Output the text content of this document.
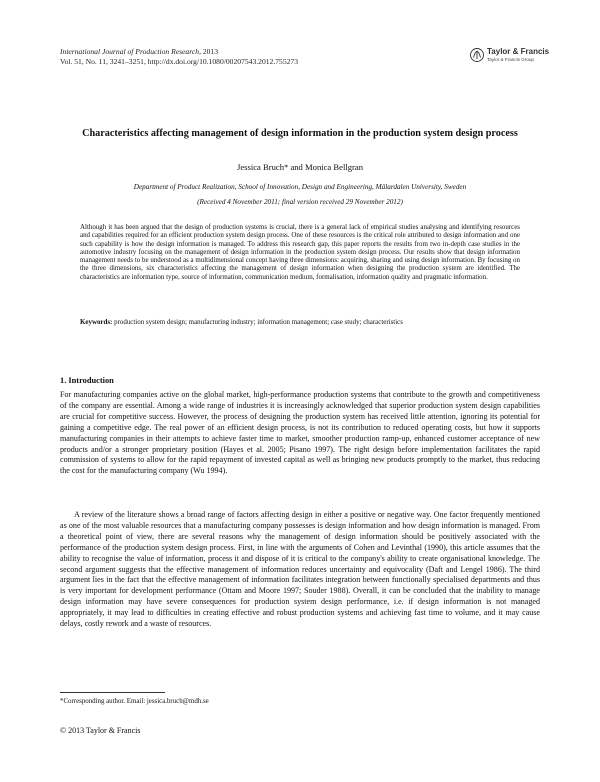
International Journal of Production Research, 2013
Vol. 51, No. 11, 3241–3251, http://dx.doi.org/10.1080/00207543.2012.755273
Taylor & Francis
Taylor & Francis Group
Characteristics affecting management of design information in the production system design process
Jessica Bruch* and Monica Bellgran
Department of Product Realization, School of Innovation, Design and Engineering, Mälardalen University, Sweden
(Received 4 November 2011; final version received 29 November 2012)
Although it has been argued that the design of production systems is crucial, there is a general lack of empirical studies analysing and identifying resources and capabilities required for an efficient production system design process. One of these resources is the critical role attributed to design information and one such capability is how the design information is managed. To address this research gap, this paper reports the results from two in-depth case studies in the automotive industry focusing on the management of design information in the production system design process. Our results show that design information management needs to be understood as a multidimensional concept having three dimensions: acquiring, sharing and using design information. By focusing on the three dimensions, six characteristics affecting the management of design information when designing the production system are identified. The characteristics are information type, source of information, communication medium, formalisation, information quality and pragmatic information.
Keywords: production system design; manufacturing industry; information management; case study; characteristics
1. Introduction
For manufacturing companies active on the global market, high-performance production systems that contribute to the growth and competitiveness of the company are essential. Among a wide range of industries it is increasingly acknowledged that superior production system design capabilities are crucial for competitive success. However, the process of designing the production system has received little attention, ignoring its potential for gaining a competitive edge. The real power of an efficient design process, is not its contribution to reduced operating costs, but how it supports manufacturing companies in their attempts to achieve faster time to market, smoother production ramp-up, enhanced customer acceptance of new products and/or a stronger proprietary position (Hayes et al. 2005; Pisano 1997). The right design before implementation facilitates the rapid commission of systems to allow for the rapid repayment of invested capital as well as bringing new products promptly to the market, thus reducing the cost for the manufacturing company (Wu 1994).
A review of the literature shows a broad range of factors affecting design in either a positive or negative way. One factor frequently mentioned as one of the most valuable resources that a manufacturing company possesses is design information and how design information is managed. From a theoretical point of view, there are several reasons why the management of design information should be positively associated with the performance of the production system design process. First, in line with the arguments of Cohen and Levinthal (1990), this article assumes that the ability to recognise the value of information, process it and dispose of it is critical to the company's ability to create organisational knowledge. The second argument suggests that the effective management of information reduces uncertainty and equivocality (Daft and Lengel 1986). The third argument lies in the fact that the effective management of information facilitates integration between functionally specialised departments and thus is very important for development performance (Ottam and Moore 1997; Souder 1988). Overall, it can be concluded that the inability to manage design information may have severe consequences for production system design performance, i.e. if design information is not managed appropriately, it may lead to difficulties in creating effective and robust production systems and achieving fast time to volume, and it may cause delays, costly rework and a waste of resources.
*Corresponding author. Email: jessica.bruch@mdh.se
© 2013 Taylor & Francis
